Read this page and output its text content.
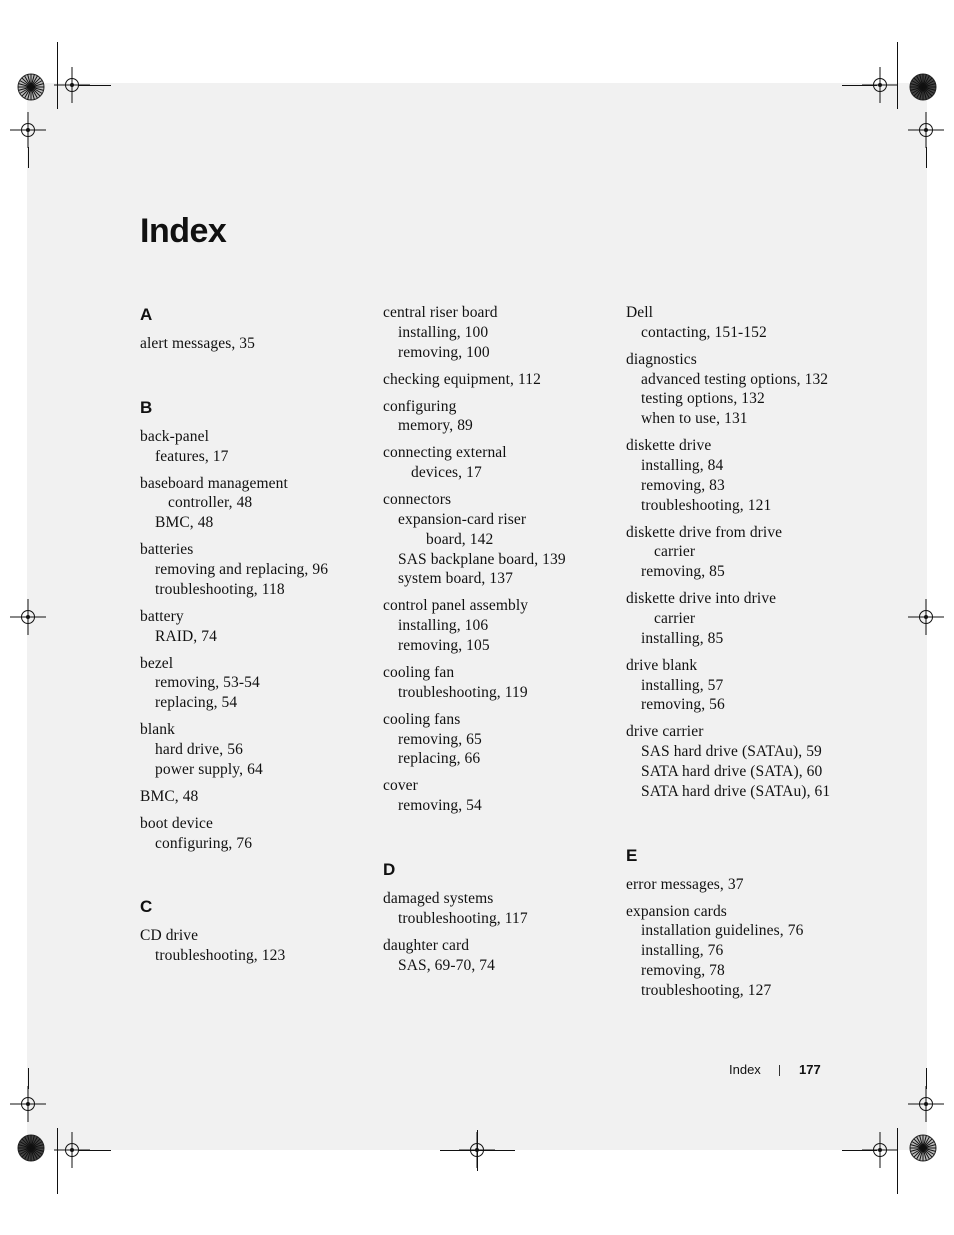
Index
A
alert messages, 35
B
back-panel
features, 17
baseboard management
controller, 48
BMC, 48
batteries
removing and replacing, 96
troubleshooting, 118
battery
RAID, 74
bezel
removing, 53-54
replacing, 54
blank
hard drive, 56
power supply, 64
BMC, 48
boot device
configuring, 76
C
CD drive
troubleshooting, 123
central riser board
installing, 100
removing, 100
checking equipment, 112
configuring
memory, 89
connecting external
devices, 17
connectors
expansion-card riser
board, 142
SAS backplane board, 139
system board, 137
control panel assembly
installing, 106
removing, 105
cooling fan
troubleshooting, 119
cooling fans
removing, 65
replacing, 66
cover
removing, 54
D
damaged systems
troubleshooting, 117
daughter card
SAS, 69-70, 74
Dell
contacting, 151-152
diagnostics
advanced testing options, 132
testing options, 132
when to use, 131
diskette drive
installing, 84
removing, 83
troubleshooting, 121
diskette drive from drive
carrier
removing, 85
diskette drive into drive
carrier
installing, 85
drive blank
installing, 57
removing, 56
drive carrier
SAS hard drive (SATAu), 59
SATA hard drive (SATA), 60
SATA hard drive (SATAu), 61
E
error messages, 37
expansion cards
installation guidelines, 76
installing, 76
removing, 78
troubleshooting, 127
Index	177
